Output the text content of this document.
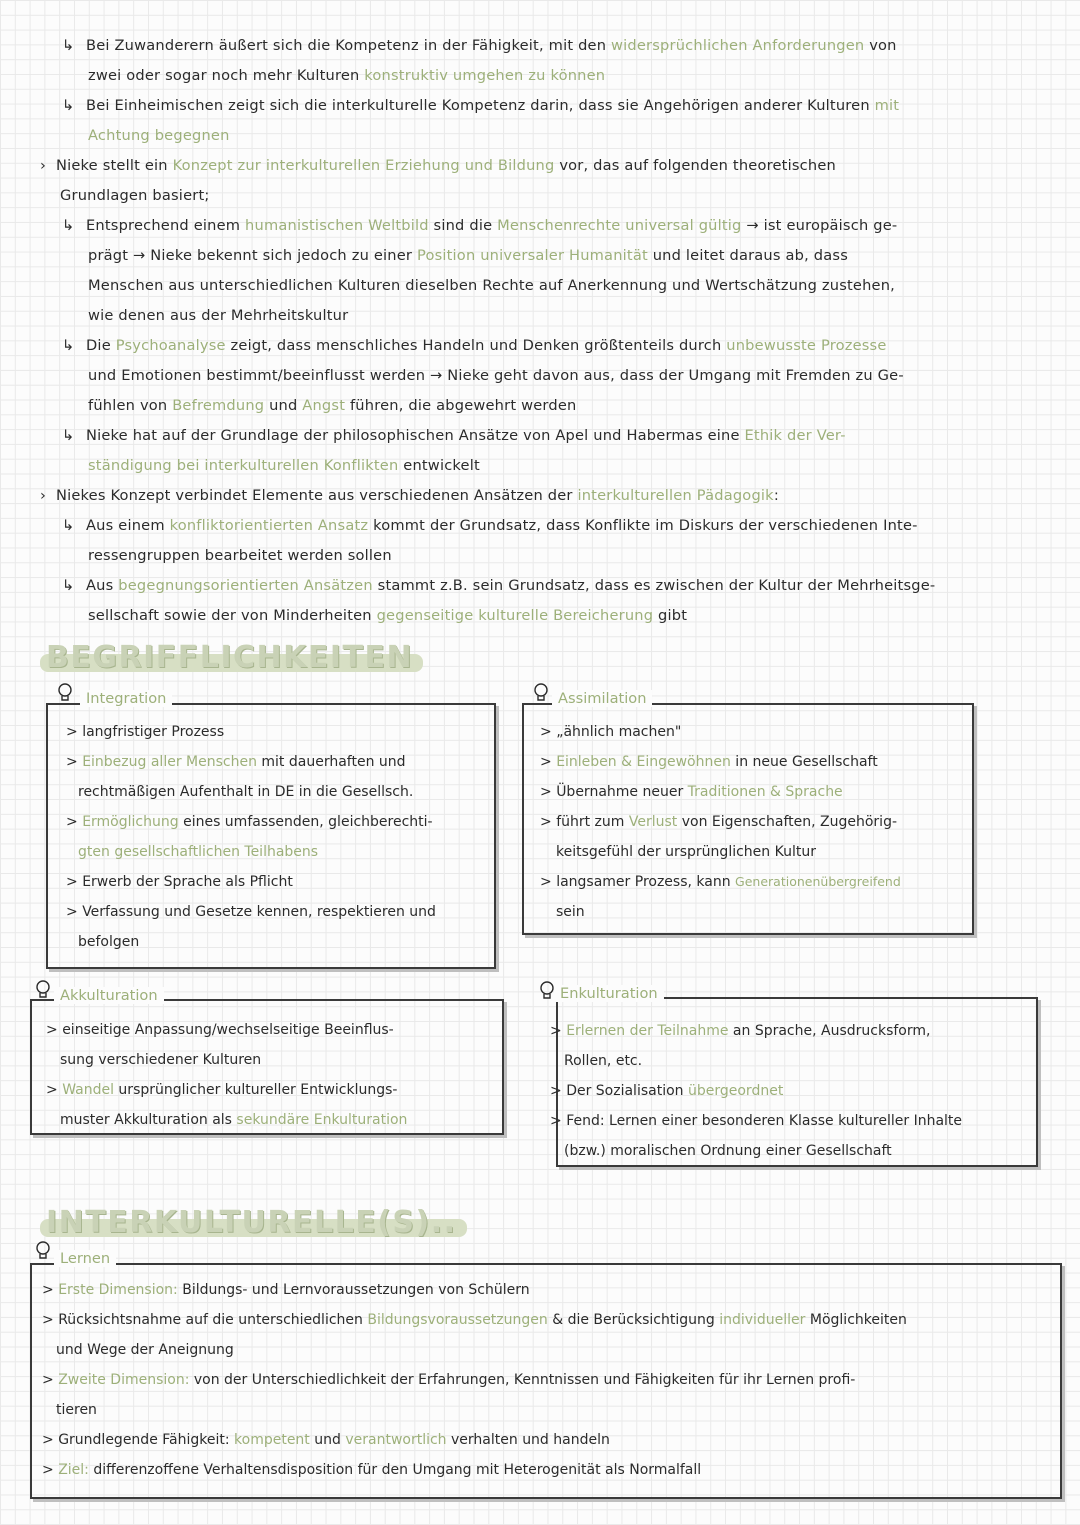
↳ Bei Zuwanderern äußert sich die Kompetenz in der Fähigkeit, mit den widersprüchlichen Anforderungen von
zwei oder sogar noch mehr Kulturen konstruktiv umgehen zu können
↳ Bei Einheimischen zeigt sich die interkulturelle Kompetenz darin, dass sie Angehörigen anderer Kulturen mit
Achtung begegnen
› Nieke stellt ein Konzept zur interkulturellen Erziehung und Bildung vor, das auf folgenden theoretischen
Grundlagen basiert;
↳ Entsprechend einem humanistischen Weltbild sind die Menschenrechte universal gültig → ist europäisch ge-
prägt → Nieke bekennt sich jedoch zu einer Position universaler Humanität und leitet daraus ab, dass
Menschen aus unterschiedlichen Kulturen dieselben Rechte auf Anerkennung und Wertschätzung zustehen,
wie denen aus der Mehrheitskultur
↳ Die Psychoanalyse zeigt, dass menschliches Handeln und Denken größtenteils durch unbewusste Prozesse
und Emotionen bestimmt/beeinflusst werden → Nieke geht davon aus, dass der Umgang mit Fremden zu Ge-
fühlen von Befremdung und Angst führen, die abgewehrt werden
↳ Nieke hat auf der Grundlage der philosophischen Ansätze von Apel und Habermas eine Ethik der Ver-
ständigung bei interkulturellen Konflikten entwickelt
› Niekes Konzept verbindet Elemente aus verschiedenen Ansätzen der interkulturellen Pädagogik:
↳ Aus einem konfliktorientierten Ansatz kommt der Grundsatz, dass Konflikte im Diskurs der verschiedenen Inte-
ressengruppen bearbeitet werden sollen
↳ Aus begegnungsorientierten Ansätzen stammt z.B. sein Grundsatz, dass es zwischen der Kultur der Mehrheitsge-
sellschaft sowie der von Minderheiten gegenseitige kulturelle Bereicherung gibt
BEGRIFFLICHKEITEN
Integration
> langfristiger Prozess
> Einbezug aller Menschen mit dauerhaften und
rechtmäßigen Aufenthalt in DE in die Gesellsch.
> Ermöglichung eines umfassenden, gleichberechti-
gten gesellschaftlichen Teilhabens
> Erwerb der Sprache als Pflicht
> Verfassung und Gesetze kennen, respektieren und
befolgen
Assimilation
> „ähnlich machen"
> Einleben & Eingewöhnen in neue Gesellschaft
> Übernahme neuer Traditionen & Sprache
> führt zum Verlust von Eigenschaften, Zugehörig-
keitsgefühl der ursprünglichen Kultur
> langsamer Prozess, kann Generationenübergreifend
sein
Akkulturation
> einseitige Anpassung/wechselseitige Beeinflus-
sung verschiedener Kulturen
> Wandel ursprünglicher kultureller Entwicklungs-
muster Akkulturation als sekundäre Enkulturation
Enkulturation
> Erlernen der Teilnahme an Sprache, Ausdrucksform,
Rollen, etc.
> Der Sozialisation übergeordnet
> Fend: Lernen einer besonderen Klasse kultureller Inhalte
(bzw.) moralischen Ordnung einer Gesellschaft
INTERKULTURELLE(S)..
Lernen
> Erste Dimension: Bildungs- und Lernvoraussetzungen von Schülern
> Rücksichtsnahme auf die unterschiedlichen Bildungsvoraussetzungen & die Berücksichtigung individueller Möglichkeiten
und Wege der Aneignung
> Zweite Dimension: von der Unterschiedlichkeit der Erfahrungen, Kenntnissen und Fähigkeiten für ihr Lernen profi-
tieren
> Grundlegende Fähigkeit: kompetent und verantwortlich verhalten und handeln
> Ziel: differenzoffene Verhaltensdisposition für den Umgang mit Heterogenität als Normalfall
